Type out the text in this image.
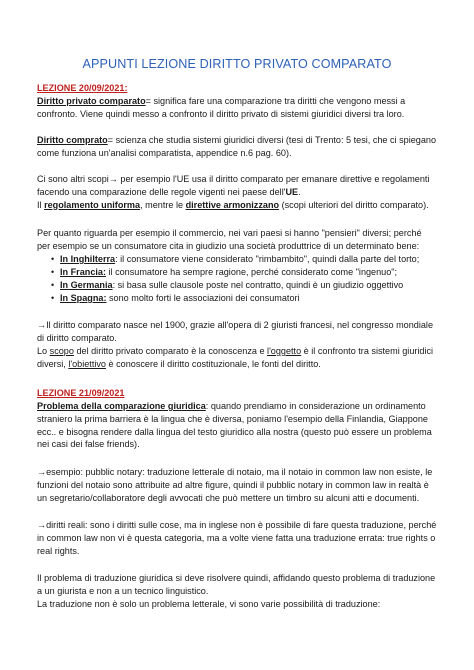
APPUNTI LEZIONE DIRITTO PRIVATO COMPARATO
LEZIONE 20/09/2021:
Diritto privato comparato= significa fare una comparazione tra diritti che vengono messi a confronto. Viene quindi messo a confronto il diritto privato di sistemi giuridici diversi tra loro.
Diritto comprato= scienza che studia sistemi giuridici diversi (tesi di Trento: 5 tesi, che ci spiegano come funziona un'analisi comparatista, appendice n.6 pag. 60).
Ci sono altri scopi→ per esempio l'UE usa il diritto comparato per emanare direttive e regolamenti facendo una comparazione delle regole vigenti nei paese dell'UE.
Il regolamento uniforma, mentre le direttive armonizzano (scopi ulteriori del diritto comparato).
Per quanto riguarda per esempio il commercio, nei vari paesi si hanno "pensieri" diversi; perché per esempio se un consumatore cita in giudizio una società produttrice di un determinato bene:
• In Inghilterra: il consumatore viene considerato "rimbambito", quindi dalla parte del torto;
• In Francia: il consumatore ha sempre ragione, perché considerato come "ingenuo";
• In Germania: si basa sulle clausole poste nel contratto, quindi è un giudizio oggettivo
• In Spagna: sono molto forti le associazioni dei consumatori
→Il diritto comparato nasce nel 1900, grazie all'opera di 2 giuristi francesi, nel congresso mondiale di diritto comparato.
Lo scopo del diritto privato comparato è la conoscenza e l'oggetto è il confronto tra sistemi giuridici diversi, l'obiettivo è conoscere il diritto costituzionale, le fonti del diritto.
LEZIONE 21/09/2021
Problema della comparazione giuridica: quando prendiamo in considerazione un ordinamento straniero la prima barriera è la lingua che è diversa, poniamo l'esempio della Finlandia, Giappone ecc.. e bisogna rendere dalla lingua del testo giuridico alla nostra (questo può essere un problema nei casi dei false friends).
→esempio: pubblic notary: traduzione letterale di notaio, ma il notaio in common law non esiste, le funzioni del notaio sono attribuite ad altre figure, quindi il pubblic notary in common law in realtà è un segretario/collaboratore degli avvocati che può mettere un timbro su alcuni atti e documenti.
→diritti reali: sono i diritti sulle cose, ma in inglese non è possibile di fare questa traduzione, perché in common law non vi è questa categoria, ma a volte viene fatta una traduzione errata: true rights o real rights.
Il problema di traduzione giuridica si deve risolvere quindi, affidando questo problema di traduzione a un giurista e non a un tecnico linguistico.
La traduzione non è solo un problema letterale, vi sono varie possibilità di traduzione:
